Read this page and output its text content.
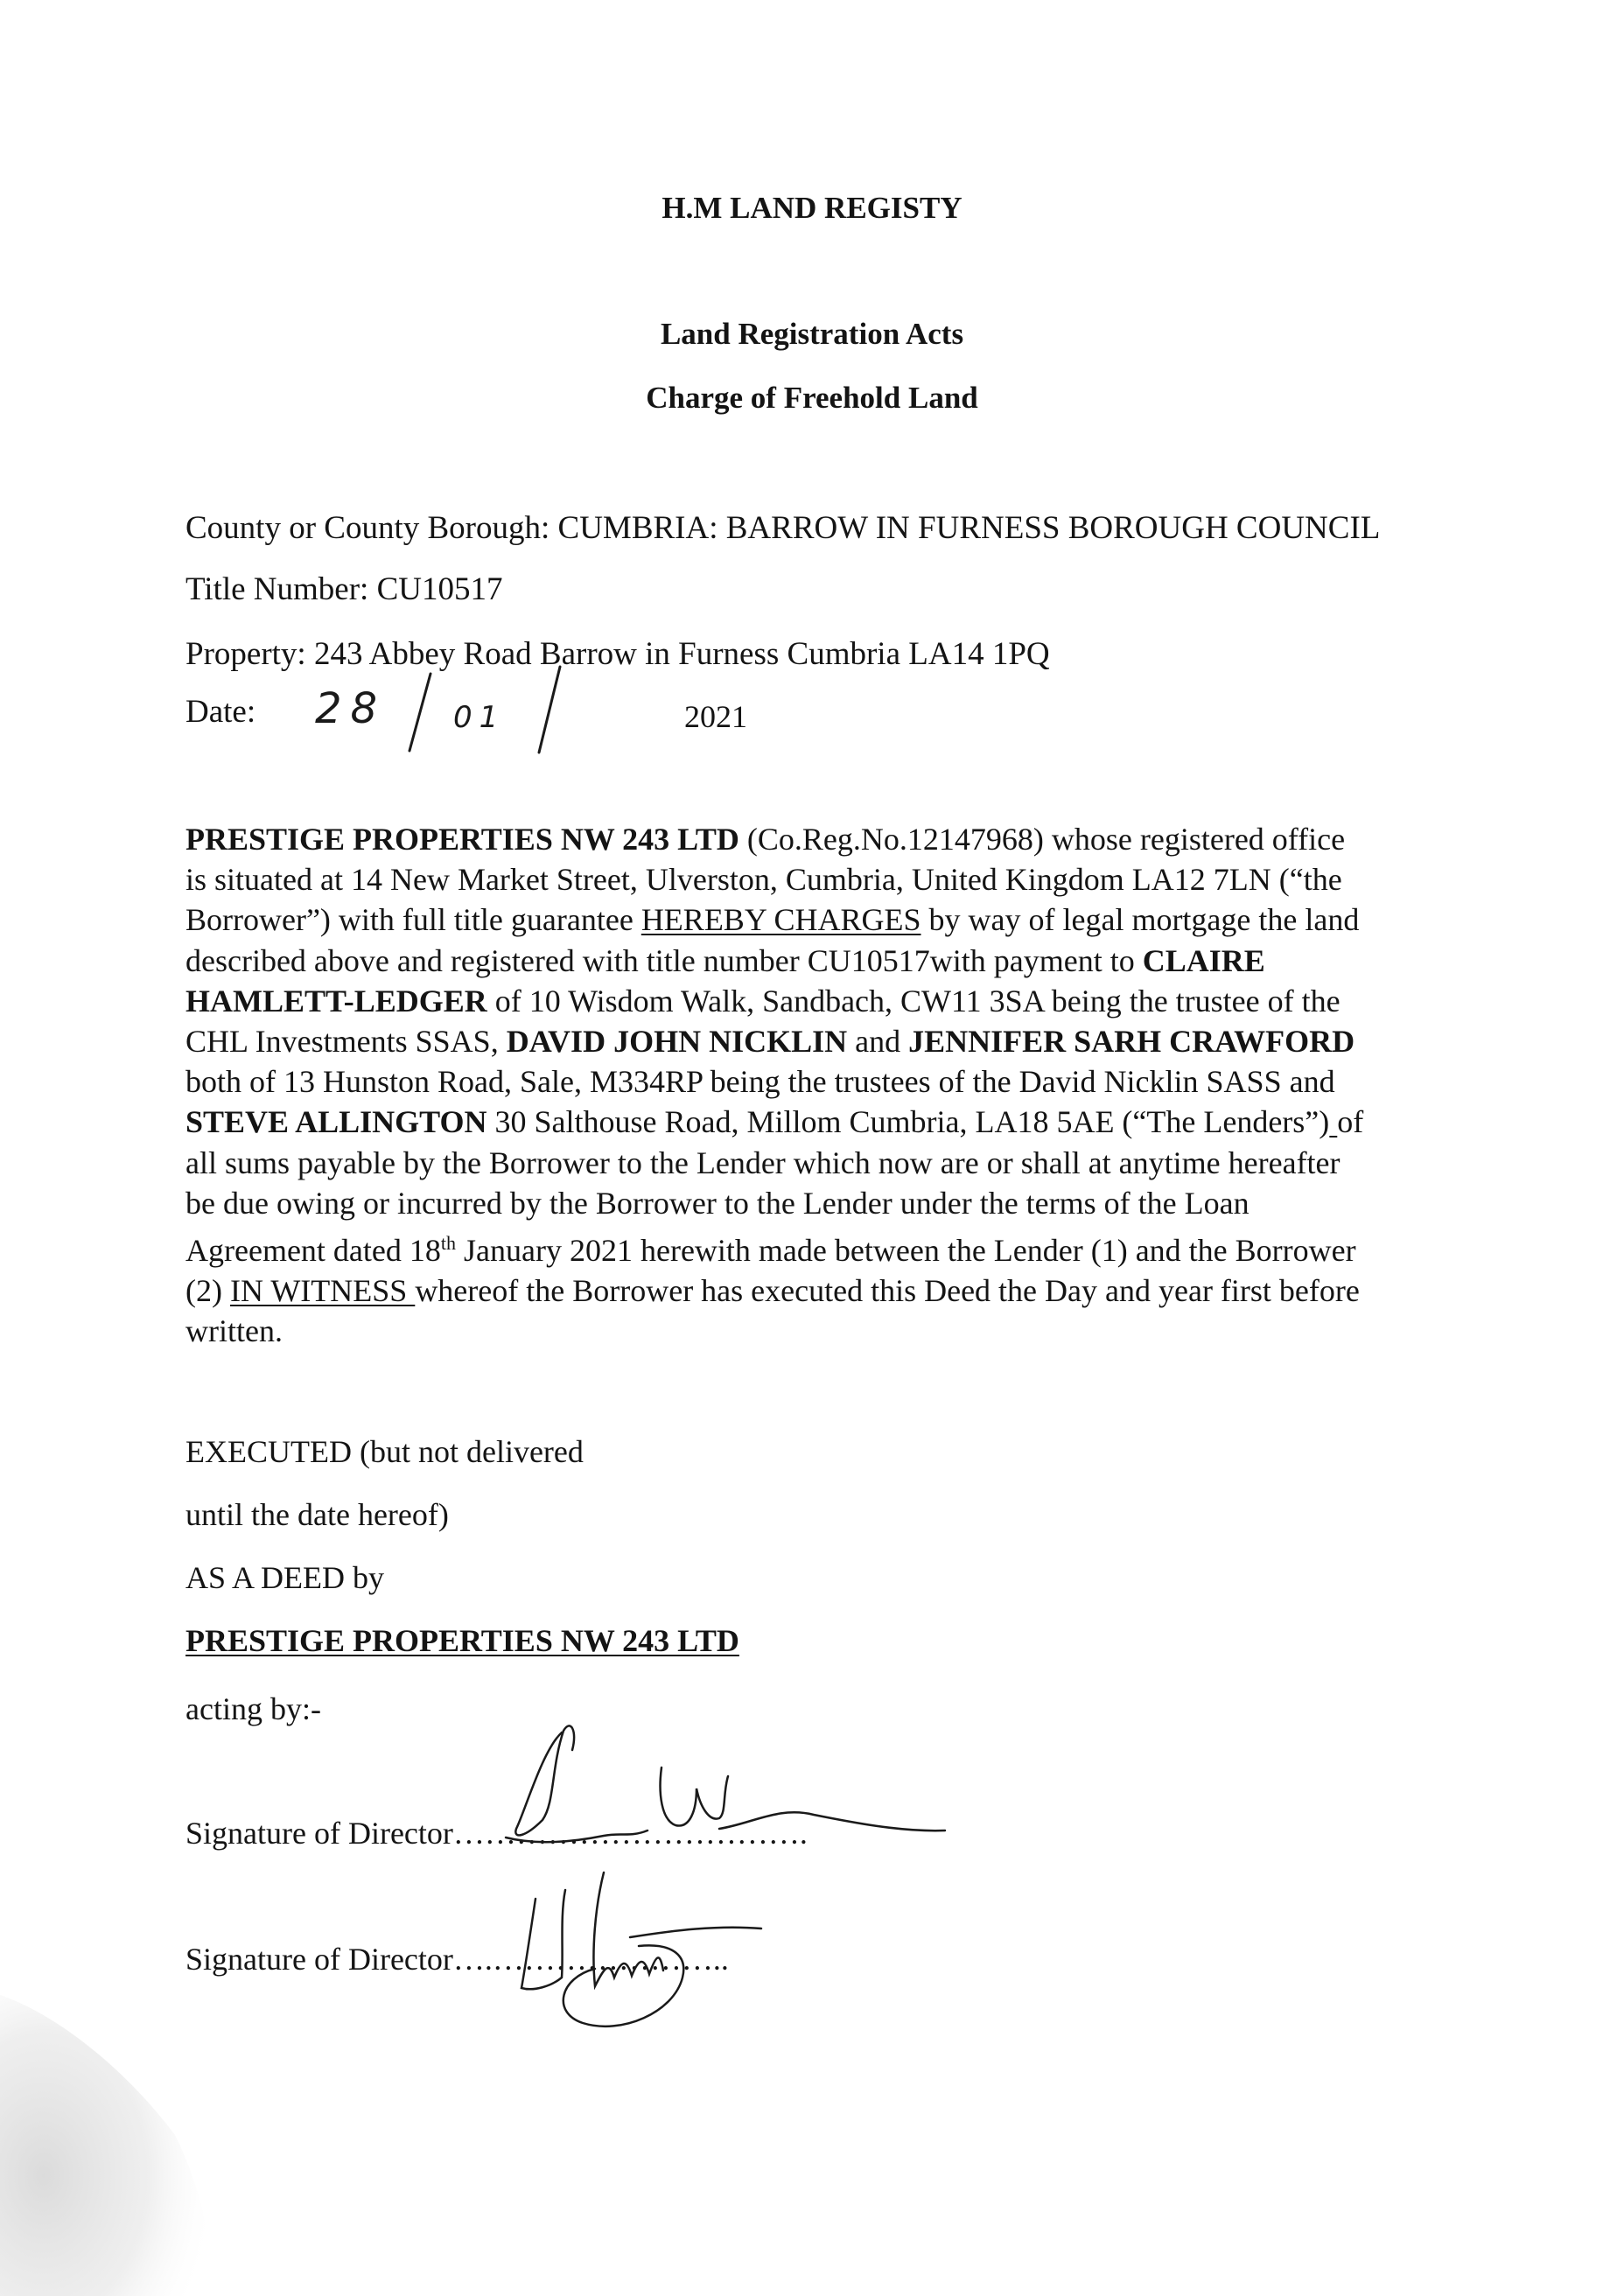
H.M LAND REGISTY
Land Registration Acts
Charge of Freehold Land
County or County Borough: CUMBRIA: BARROW IN FURNESS BOROUGH COUNCIL
Title Number: CU10517
Property: 243 Abbey Road Barrow in Furness Cumbria LA14 1PQ
Date:	2021
28 01

PRESTIGE PROPERTIES NW 243 LTD (Co.Reg.No.12147968) whose registered office

is situated at 14 New Market Street, Ulverston, Cumbria, United Kingdom LA12 7LN (“the

Borrower”) with full title guarantee HEREBY CHARGES by way of legal mortgage the land

described above and registered with title number CU10517with payment to CLAIRE

HAMLETT-LEDGER of 10 Wisdom Walk, Sandbach, CW11 3SA being the trustee of the

CHL Investments SSAS, DAVID JOHN NICKLIN and JENNIFER SARH CRAWFORD

both of 13 Hunston Road, Sale, M334RP being the trustees of the David Nicklin SASS and

STEVE ALLINGTON 30 Salthouse Road, Millom Cumbria, LA18 5AE (“The Lenders”) of

all sums payable by the Borrower to the Lender which now are or shall at anytime hereafter

be due owing or incurred by the Borrower to the Lender under the terms of the Loan

Agreement dated 18th January 2021 herewith made between the Lender (1) and the Borrower

(2) IN WITNESS whereof the Borrower has executed this Deed the Day and year first before

written.

EXECUTED (but not delivered
until the date hereof)
AS A DEED by
PRESTIGE PROPERTIES NW 243 LTD
acting by:-
Signature of Director…………………………….
Signature of Director….…………………..
